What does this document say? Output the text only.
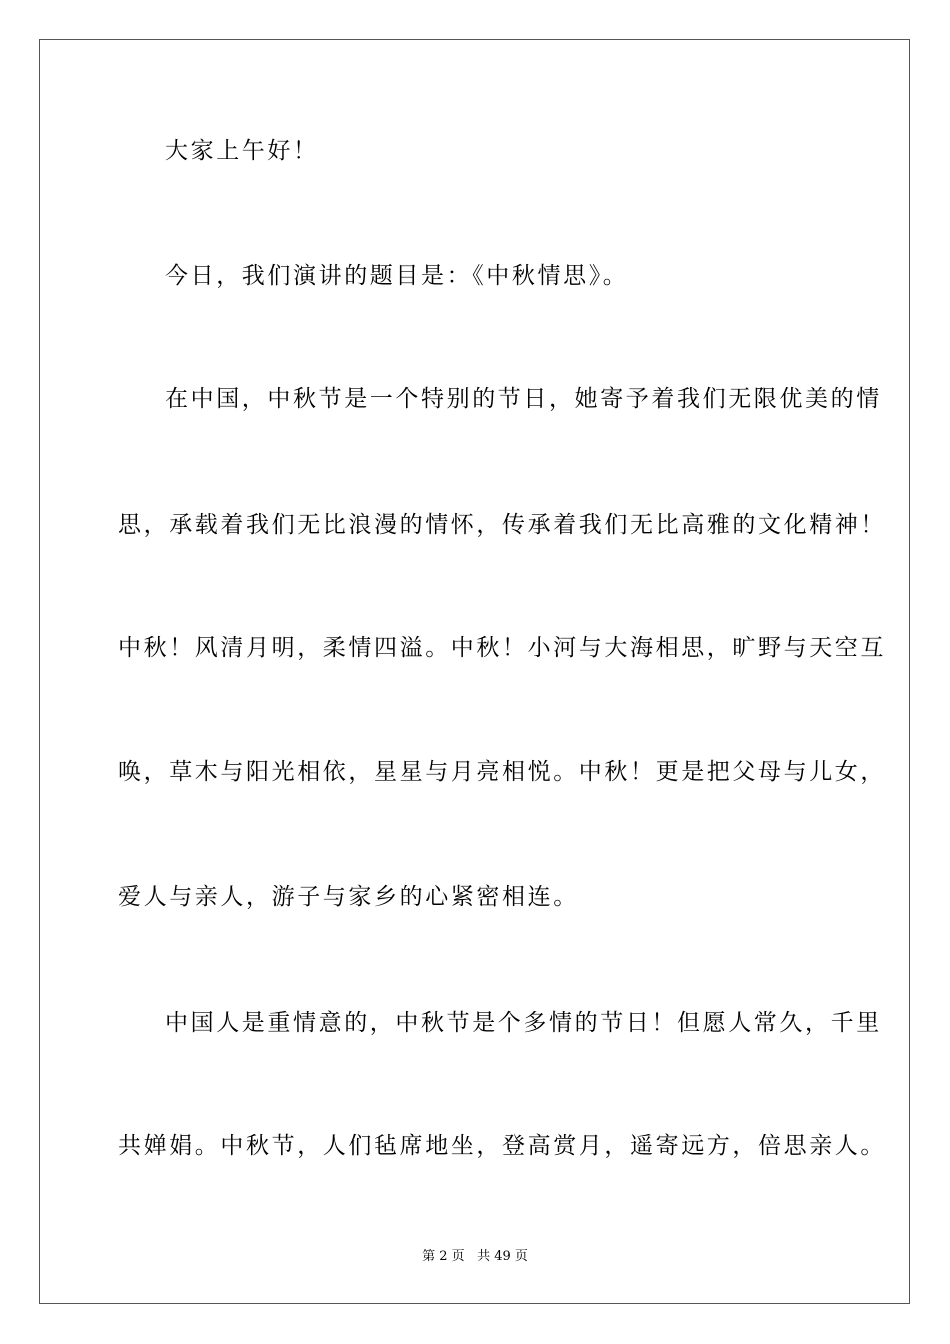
大家上午好！
今日，我们演讲的题目是：《中秋情思》。
在中国，中秋节是一个特别的节日，她寄予着我们无限优美的情
思，承载着我们无比浪漫的情怀，传承着我们无比高雅的文化精神！
中秋！风清月明，柔情四溢。中秋！小河与大海相思，旷野与天空互
唤，草木与阳光相依，星星与月亮相悦。中秋！更是把父母与儿女，
爱人与亲人，游子与家乡的心紧密相连。
中国人是重情意的，中秋节是个多情的节日！但愿人常久，千里
共婵娟。中秋节，人们毡席地坐，登高赏月，遥寄远方，倍思亲人。
第 2 页 共 49 页
